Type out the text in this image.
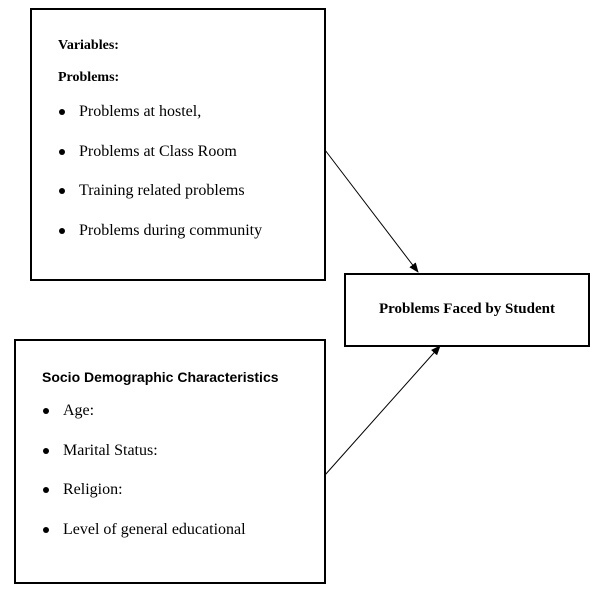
Variables:
Problems:
Problems at hostel,
Problems at Class Room
Training related problems
Problems during community
Socio Demographic Characteristics
Age:
Marital Status:
Religion:
Level of general educational
Problems Faced by Student
